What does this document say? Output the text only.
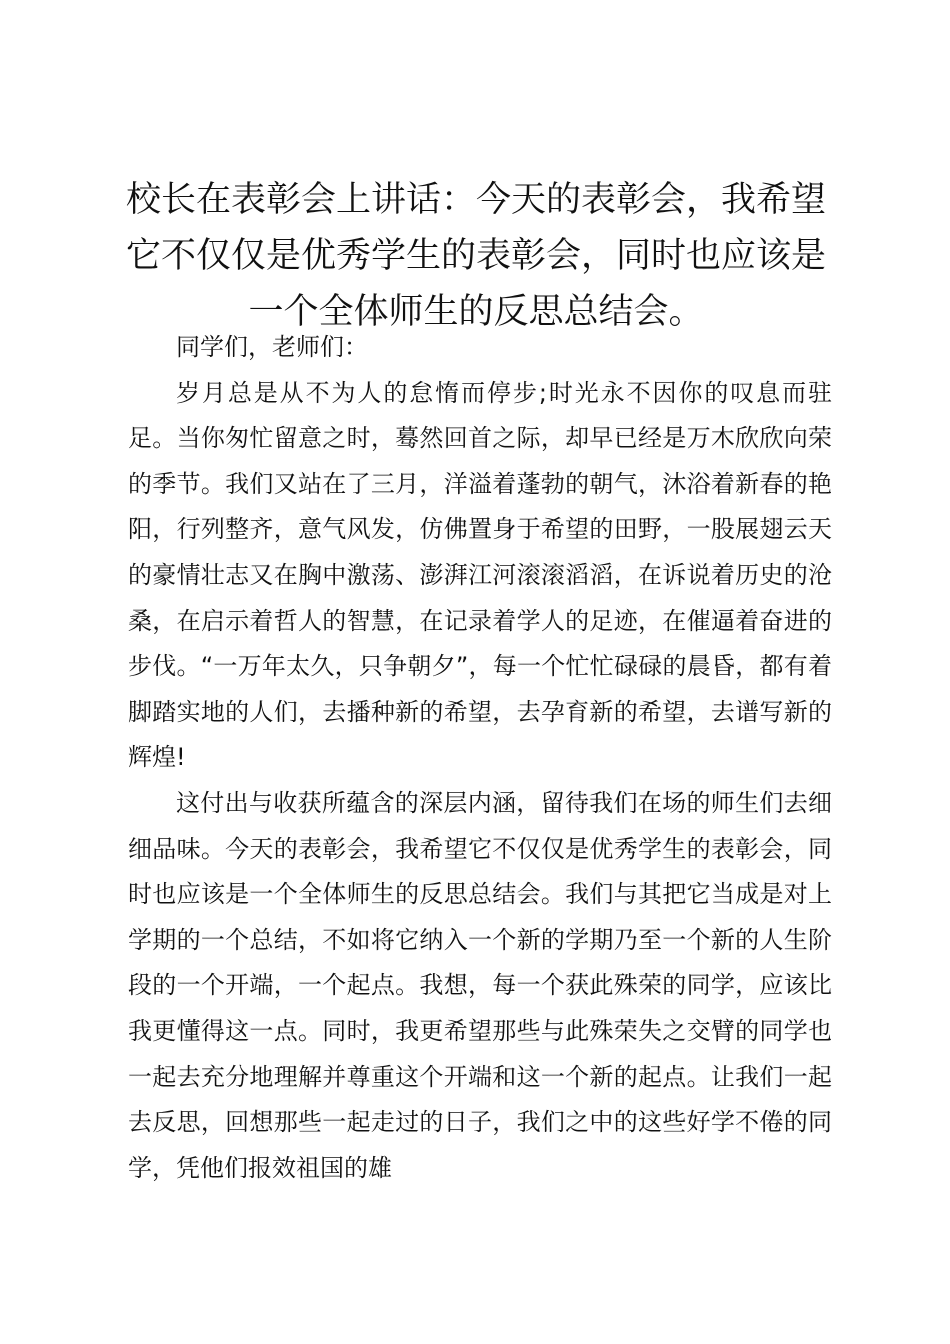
校长在表彰会上讲话：今天的表彰会，我希望它不仅仅是优秀学生的表彰会，同时也应该是一个全体师生的反思总结会。

同学们，老师们：

岁月总是从不为人的怠惰而停步;时光永不因你的叹息而驻足。当你匆忙留意之时，蓦然回首之际，却早已经是万木欣欣向荣的季节。我们又站在了三月，洋溢着蓬勃的朝气，沐浴着新春的艳阳，行列整齐，意气风发，仿佛置身于希望的田野，一股展翅云天的豪情壮志又在胸中激荡、澎湃江河滚滚滔滔，在诉说着历史的沧桑，在启示着哲人的智慧，在记录着学人的足迹，在催逼着奋进的步伐。“一万年太久，只争朝夕”，每一个忙忙碌碌的晨昏，都有着脚踏实地的人们，去播种新的希望，去孕育新的希望，去谱写新的辉煌!

这付出与收获所蕴含的深层内涵，留待我们在场的师生们去细细品味。今天的表彰会，我希望它不仅仅是优秀学生的表彰会，同时也应该是一个全体师生的反思总结会。我们与其把它当成是对上学期的一个总结，不如将它纳入一个新的学期乃至一个新的人生阶段的一个开端，一个起点。我想，每一个获此殊荣的同学，应该比我更懂得这一点。同时，我更希望那些与此殊荣失之交臂的同学也一起去充分地理解并尊重这个开端和这一个新的起点。让我们一起去反思，回想那些一起走过的日子，我们之中的这些好学不倦的同学，凭他们报效祖国的雄
